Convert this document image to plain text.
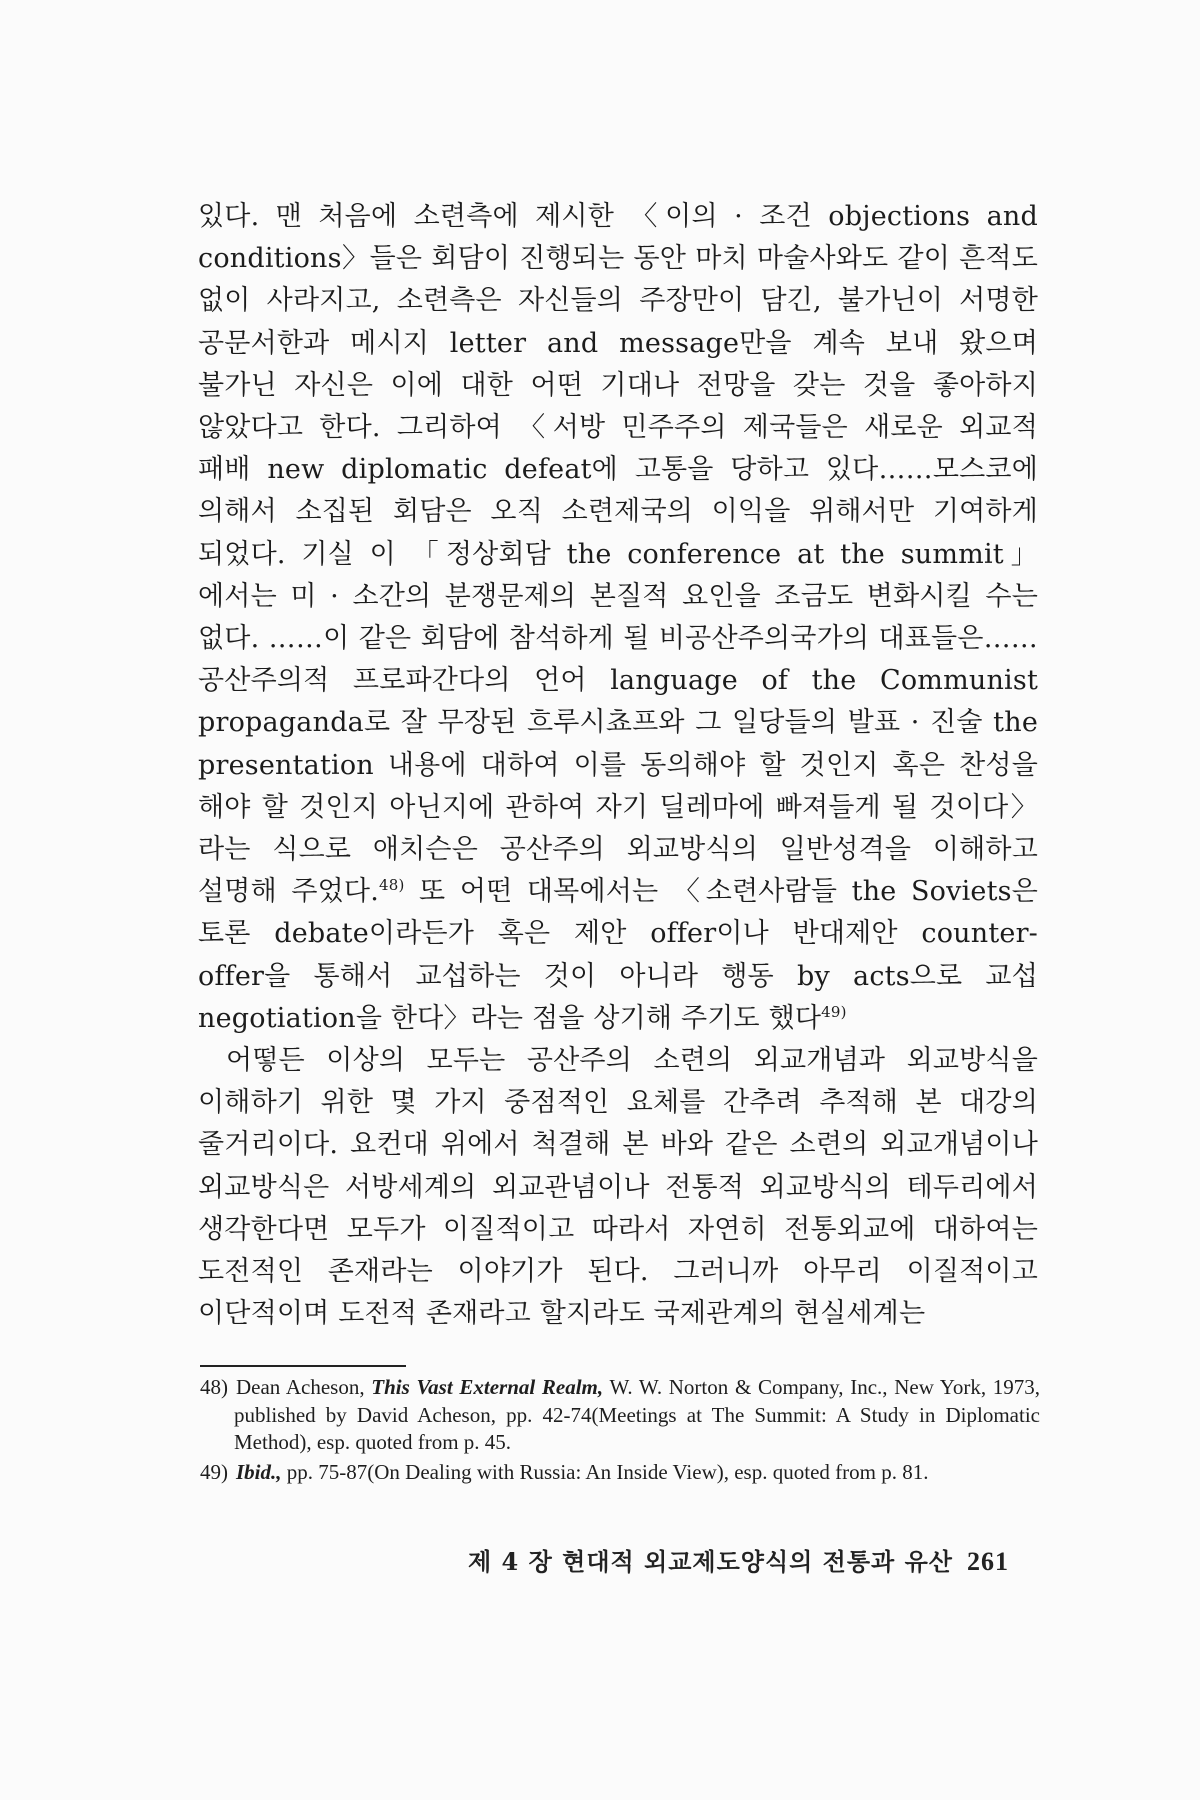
있다. 맨 처음에 소련측에 제시한 〈이의 · 조건 objections and conditions〉들은 회담이 진행되는 동안 마치 마술사와도 같이 흔적도 없이 사라지고, 소련측은 자신들의 주장만이 담긴, 불가닌이 서명한 공문서한과 메시지 letter and message만을 계속 보내 왔으며 불가닌 자신은 이에 대한 어떤 기대나 전망을 갖는 것을 좋아하지 않았다고 한다. 그리하여 〈서방 민주주의 제국들은 새로운 외교적 패배 new diplomatic defeat에 고통을 당하고 있다……모스코에 의해서 소집된 회담은 오직 소련제국의 이익을 위해서만 기여하게 되었다. 기실 이 「정상회담 the conference at the summit」에서는 미 · 소간의 분쟁문제의 본질적 요인을 조금도 변화시킬 수는 없다. ……이 같은 회담에 참석하게 될 비공산주의국가의 대표들은……공산주의적 프로파간다의 언어 language of the Communist propaganda로 잘 무장된 흐루시쵸프와 그 일당들의 발표 · 진술 the presentation 내용에 대하여 이를 동의해야 할 것인지 혹은 찬성을 해야 할 것인지 아닌지에 관하여 자기 딜레마에 빠져들게 될 것이다〉라는 식으로 애치슨은 공산주의 외교방식의 일반성격을 이해하고 설명해 주었다.$^{48)}$ 또 어떤 대목에서는 〈소련사람들 the Soviets은 토론 debate이라든가 혹은 제안 offer이나 반대제안 counter-offer을 통해서 교섭하는 것이 아니라 행동 by acts으로 교섭 negotiation을 한다〉라는 점을 상기해 주기도 했다$^{49)}$

어떻든 이상의 모두는 공산주의 소련의 외교개념과 외교방식을 이해하기 위한 몇 가지 중점적인 요체를 간추려 추적해 본 대강의 줄거리이다. 요컨대 위에서 척결해 본 바와 같은 소련의 외교개념이나 외교방식은 서방세계의 외교관념이나 전통적 외교방식의 테두리에서 생각한다면 모두가 이질적이고 따라서 자연히 전통외교에 대하여는 도전적인 존재라는 이야기가 된다. 그러니까 아무리 이질적이고 이단적이며 도전적 존재라고 할지라도 국제관계의 현실세계는

48) Dean Acheson, This Vast External Realm, W. W. Norton & Company, Inc., New York, 1973, published by David Acheson, pp. 42-74(Meetings at The Summit: A Study in Diplomatic Method), esp. quoted from p. 45.

49) Ibid., pp. 75-87(On Dealing with Russia: An Inside View), esp. quoted from p. 81.

제 4 장 현대적 외교제도양식의 전통과 유산 261
